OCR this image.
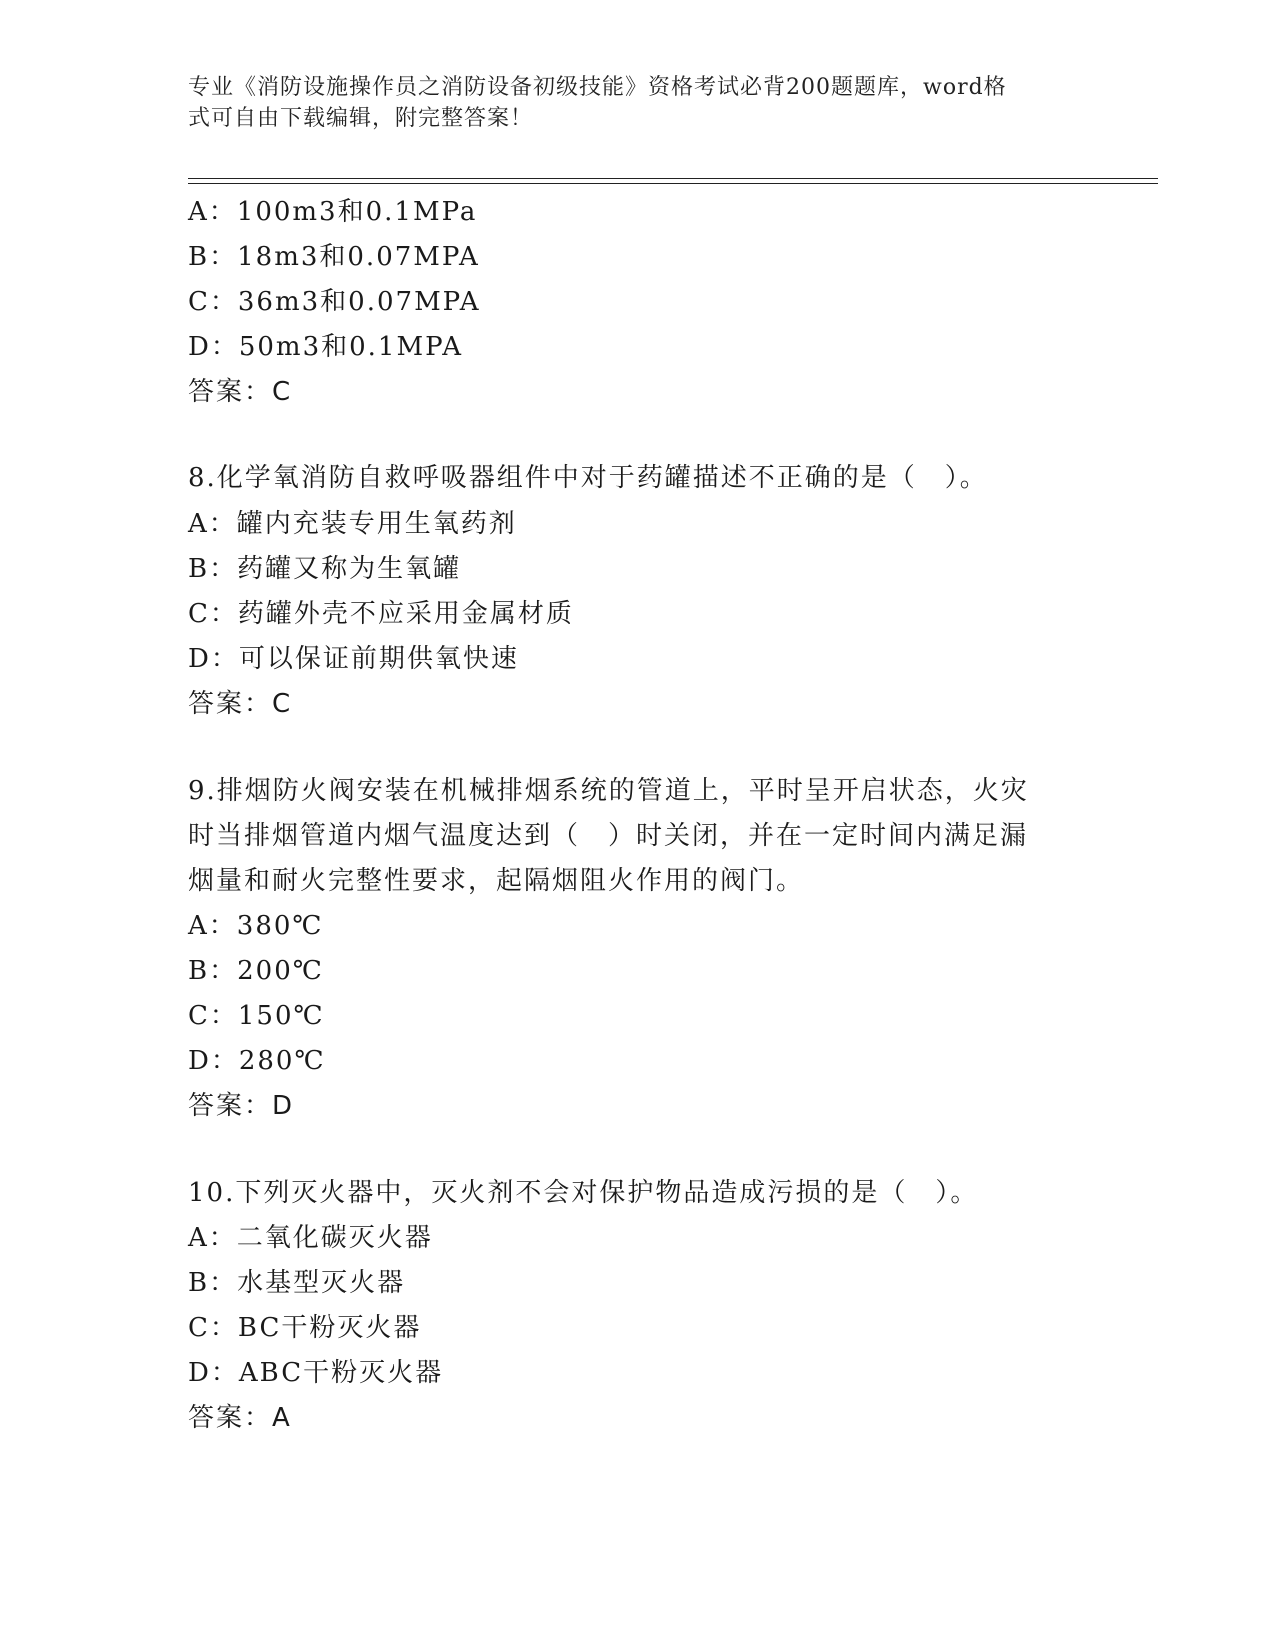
专业《消防设施操作员之消防设备初级技能》资格考试必背200题题库，word格
式可自由下载编辑，附完整答案！
A：100m3和0.1MPa
B：18m3和0.07MPA
C：36m3和0.07MPA
D：50m3和0.1MPA
答案：C
8.化学氧消防自救呼吸器组件中对于药罐描述不正确的是（　）。
A：罐内充装专用生氧药剂
B：药罐又称为生氧罐
C：药罐外壳不应采用金属材质
D：可以保证前期供氧快速
答案：C
9.排烟防火阀安装在机械排烟系统的管道上，平时呈开启状态，火灾
时当排烟管道内烟气温度达到（　）时关闭，并在一定时间内满足漏
烟量和耐火完整性要求，起隔烟阻火作用的阀门。
A：380℃
B：200℃
C：150℃
D：280℃
答案：D
10.下列灭火器中，灭火剂不会对保护物品造成污损的是（　）。
A：二氧化碳灭火器
B：水基型灭火器
C：BC干粉灭火器
D：ABC干粉灭火器
答案：A
